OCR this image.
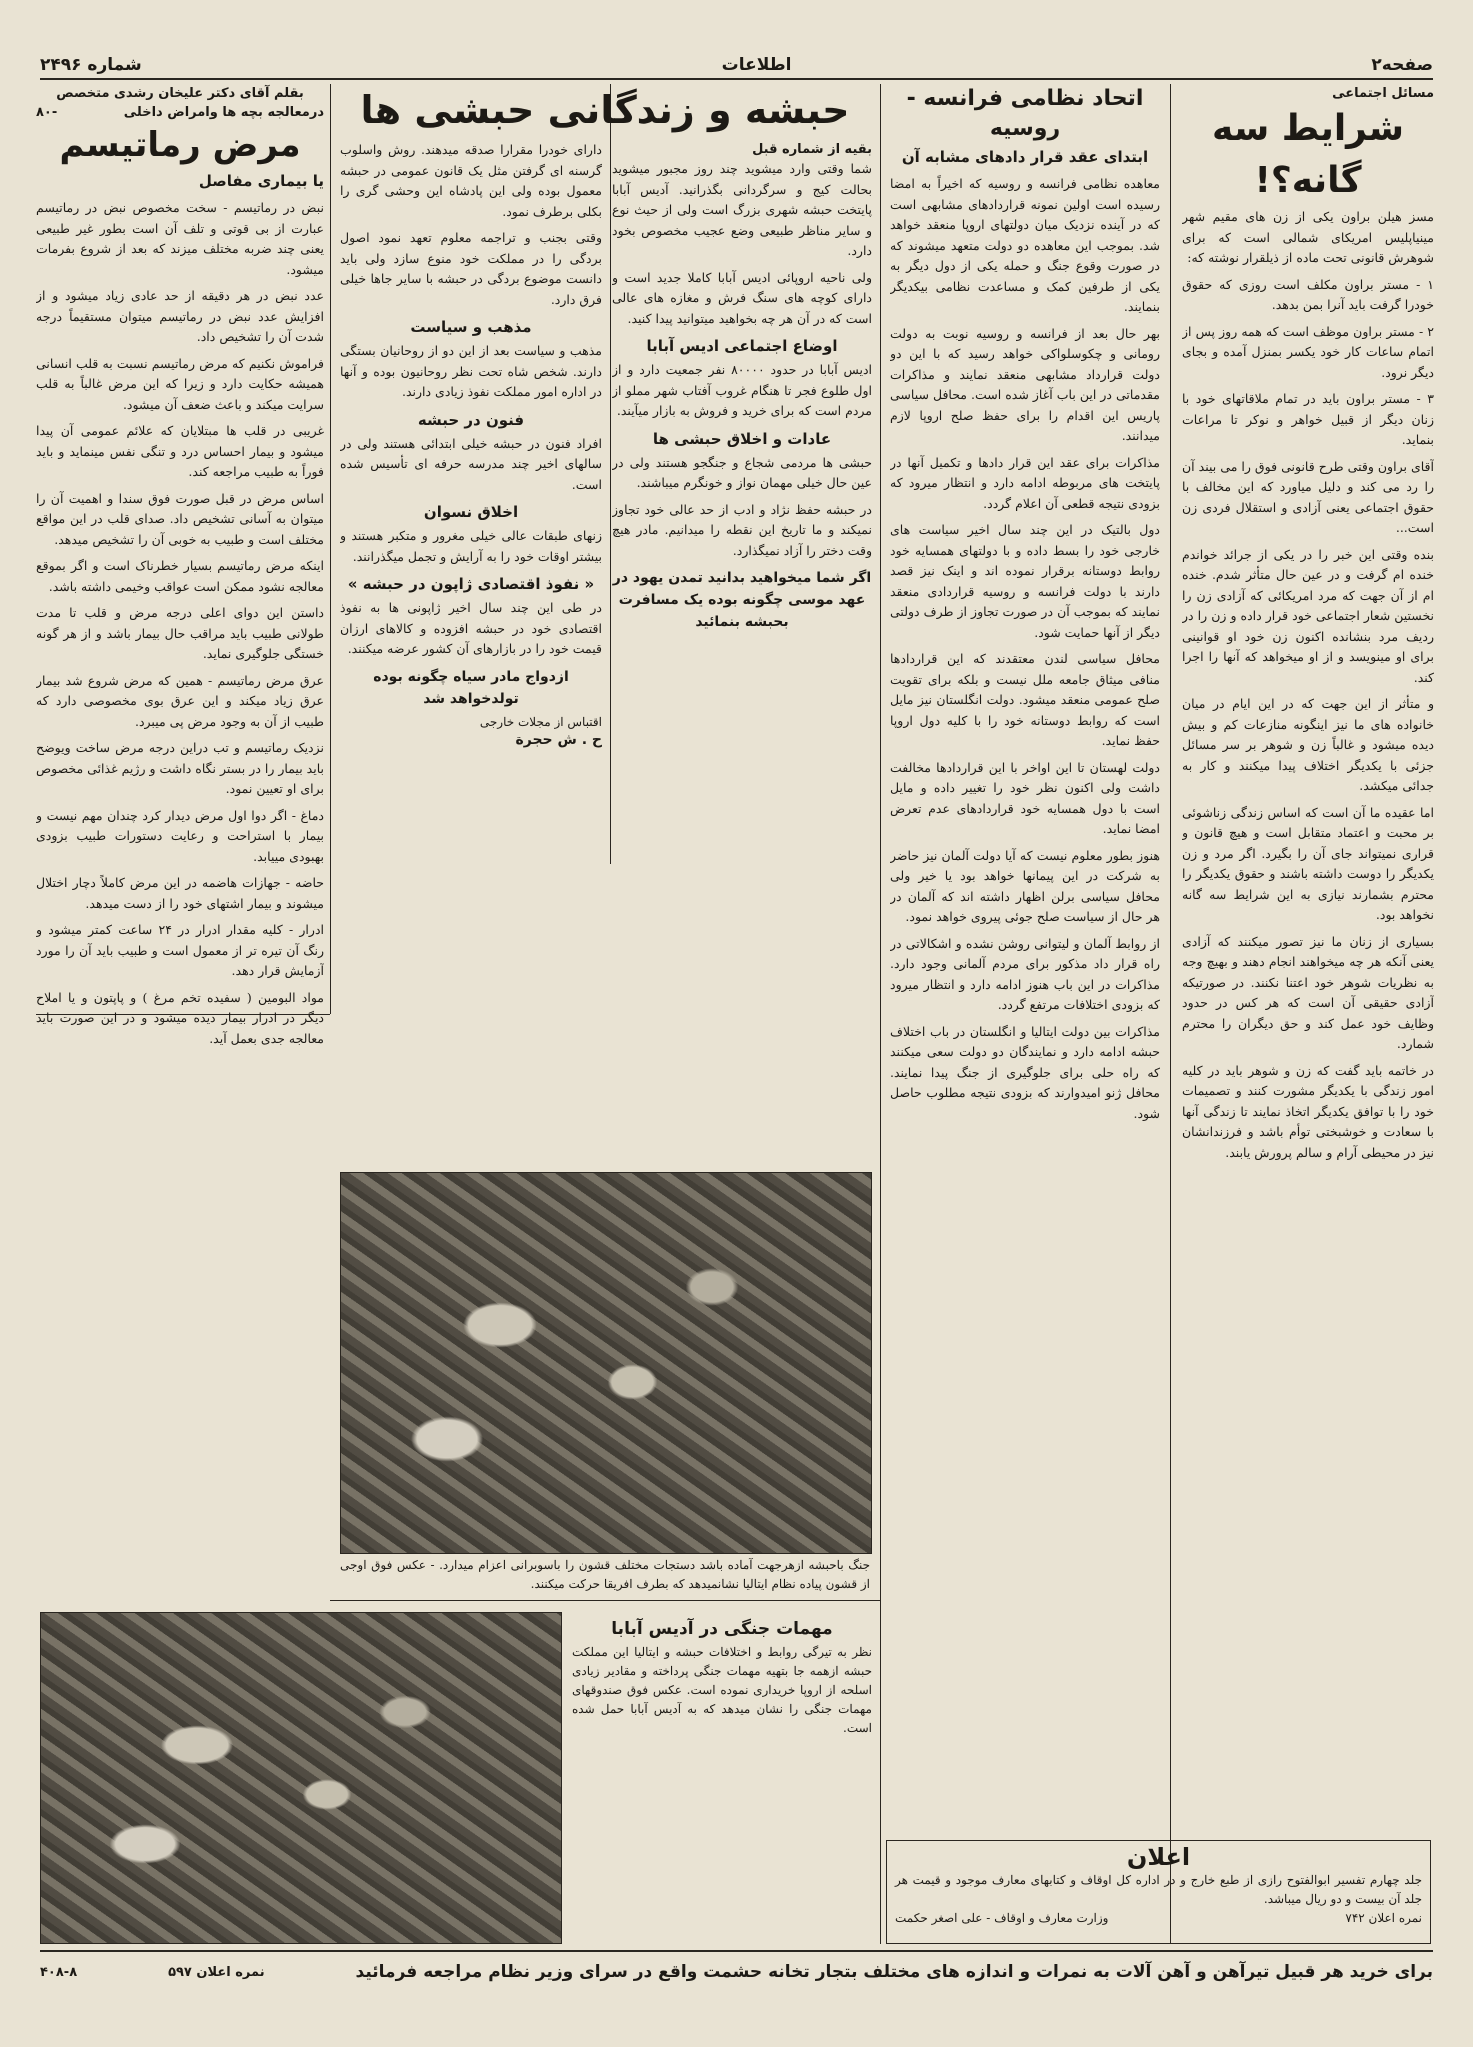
صفحه۲
اطلاعات
شماره ۲۴۹۶
مسائل اجتماعی
شرایط سه گانه؟!

مسز هیلن براون یکی از زن های مقیم شهر مینیاپلیس امریکای شمالی است که برای شوهرش قانونی تحت ماده از ذیلقرار نوشته که:

۱ - مستر براون مکلف است روزی که حقوق خودرا گرفت باید آنرا بمن بدهد.

۲ - مستر براون موظف است که همه روز پس از اتمام ساعات کار خود یکسر بمنزل آمده و بجای دیگر نرود.

۳ - مستر براون باید در تمام ملاقاتهای خود با زنان دیگر از قبیل خواهر و نوکر تا مراعات بنماید.

آقای براون وقتی طرح قانونی فوق را می بیند آن را رد می کند و دلیل میاورد که این مخالف با حقوق اجتماعی یعنی آزادی و استقلال فردی زن است...

بنده وقتی این خبر را در یکی از جرائد خواندم خنده ام گرفت و در عین حال متأثر شدم. خنده ام از آن جهت که مرد امریکائی که آزادی زن را نخستین شعار اجتماعی خود قرار داده و زن را در ردیف مرد بنشانده اکنون زن خود او قوانینی برای او مینویسد و از او میخواهد که آنها را اجرا کند.

و متأثر از این جهت که در این ایام در میان خانواده های ما نیز اینگونه منازعات کم و بیش دیده میشود و غالباً زن و شوهر بر سر مسائل جزئی با یکدیگر اختلاف پیدا میکنند و کار به جدائی میکشد.

اما عقیده ما آن است که اساس زندگی زناشوئی بر محبت و اعتماد متقابل است و هیچ قانون و قراری نمیتواند جای آن را بگیرد. اگر مرد و زن یکدیگر را دوست داشته باشند و حقوق یکدیگر را محترم بشمارند نیازی به این شرایط سه گانه نخواهد بود.

بسیاری از زنان ما نیز تصور میکنند که آزادی یعنی آنکه هر چه میخواهند انجام دهند و بهیچ وجه به نظریات شوهر خود اعتنا نکنند. در صورتیکه آزادی حقیقی آن است که هر کس در حدود وظایف خود عمل کند و حق دیگران را محترم شمارد.

در خاتمه باید گفت که زن و شوهر باید در کلیه امور زندگی با یکدیگر مشورت کنند و تصمیمات خود را با توافق یکدیگر اتخاذ نمایند تا زندگی آنها با سعادت و خوشبختی توأم باشد و فرزندانشان نیز در محیطی آرام و سالم پرورش یابند.

اتحاد نظامی فرانسه - روسیه
ابتدای عقد قرار دادهای مشابه آن

معاهده نظامی فرانسه و روسیه که اخیراً به امضا رسیده است اولین نمونه قراردادهای مشابهی است که در آینده نزدیک میان دولتهای اروپا منعقد خواهد شد. بموجب این معاهده دو دولت متعهد میشوند که در صورت وقوع جنگ و حمله یکی از دول دیگر به یکی از طرفین کمک و مساعدت نظامی بیکدیگر بنمایند.

بهر حال بعد از فرانسه و روسیه نوبت به دولت رومانی و چکوسلواکی خواهد رسید که با این دو دولت قرارداد مشابهی منعقد نمایند و مذاکرات مقدماتی در این باب آغاز شده است. محافل سیاسی پاریس این اقدام را برای حفظ صلح اروپا لازم میدانند.

مذاکرات برای عقد این قرار دادها و تکمیل آنها در پایتخت های مربوطه ادامه دارد و انتظار میرود که بزودی نتیجه قطعی آن اعلام گردد.

دول بالتیک در این چند سال اخیر سیاست های خارجی خود را بسط داده و با دولتهای همسایه خود روابط دوستانه برقرار نموده اند و اینک نیز قصد دارند با دولت فرانسه و روسیه قراردادی منعقد نمایند که بموجب آن در صورت تجاوز از طرف دولتی دیگر از آنها حمایت شود.

محافل سیاسی لندن معتقدند که این قراردادها منافی میثاق جامعه ملل نیست و بلکه برای تقویت صلح عمومی منعقد میشود. دولت انگلستان نیز مایل است که روابط دوستانه خود را با کلیه دول اروپا حفظ نماید.

دولت لهستان تا این اواخر با این قراردادها مخالفت داشت ولی اکنون نظر خود را تغییر داده و مایل است با دول همسایه خود قراردادهای عدم تعرض امضا نماید.

هنوز بطور معلوم نیست که آیا دولت آلمان نیز حاضر به شرکت در این پیمانها خواهد بود یا خیر ولی محافل سیاسی برلن اظهار داشته اند که آلمان در هر حال از سیاست صلح جوئی پیروی خواهد نمود.

از روابط آلمان و لیتوانی روشن نشده و اشکالاتی در راه قرار داد مذکور برای مردم آلمانی وجود دارد. مذاکرات در این باب هنوز ادامه دارد و انتظار میرود که بزودی اختلافات مرتفع گردد.

مذاکرات بین دولت ایتالیا و انگلستان در باب اختلاف حبشه ادامه دارد و نمایندگان دو دولت سعی میکنند که راه حلی برای جلوگیری از جنگ پیدا نمایند. محافل ژنو امیدوارند که بزودی نتیجه مطلوب حاصل شود.

اعلان
جلد چهارم تفسیر ابوالفتوح رازی از طبع خارج و در اداره کل اوقاف و کتابهای معارف موجود و قیمت هر جلد آن بیست و دو ریال میباشد.
نمره اعلان ۷۴۲
وزارت معارف و اوقاف - علی اصغر حکمت
حبشه و زندگانی حبشی ها
بقیه از شماره قبل

شما وقتی وارد میشوید چند روز مجبور میشوید بحالت کیج و سرگردانی بگذرانید. آدیس آبابا پایتخت حبشه شهری بزرگ است ولی از حیث نوع و سایر مناظر طبیعی وضع عجیب مخصوص بخود دارد.

ولی ناحیه اروپائی ادیس آبابا کاملا جدید است و دارای کوچه های سنگ فرش و مغازه های عالی است که در آن هر چه بخواهید میتوانید پیدا کنید.

اوضاع اجتماعی ادیس آبابا

ادیس آبابا در حدود ۸۰۰۰۰ نفر جمعیت دارد و از اول طلوع فجر تا هنگام غروب آفتاب شهر مملو از مردم است که برای خرید و فروش به بازار میآیند.

عادات و اخلاق حبشی ها

حبشی ها مردمی شجاع و جنگجو هستند ولی در عین حال خیلی مهمان نواز و خونگرم میباشند.

در حبشه حفظ نژاد و ادب از حد عالی خود تجاوز نمیکند و ما تاریخ این نقطه را میدانیم. مادر هیچ وقت دختر را آزاد نمیگذارد.

اگر شما میخواهید بدانید تمدن یهود در عهد موسی چگونه بوده یک مسافرت بحبشه بنمائید

دارای خودرا مقرارا صدقه میدهند. روش واسلوب گرسنه ای گرفتن مثل یک قانون عمومی در حبشه معمول بوده ولی این پادشاه این وحشی گری را بکلی برطرف نمود.

وقتی بجنب و تراجمه معلوم تعهد نمود اصول بردگی را در مملکت خود منوع سازد ولی باید دانست موضوع بردگی در حبشه با سایر جاها خیلی فرق دارد.

مذهب و سیاست

مذهب و سیاست بعد از این دو از روحانیان بستگی دارند. شخص شاه تحت نظر روحانیون بوده و آنها در اداره امور مملکت نفوذ زیادی دارند.

فنون در حبشه

افراد فنون در حبشه خیلی ابتدائی هستند ولی در سالهای اخیر چند مدرسه حرفه ای تأسیس شده است.

اخلاق نسوان

زنهای طبقات عالی خیلی مغرور و متکبر هستند و بیشتر اوقات خود را به آرایش و تجمل میگذرانند.

« نفوذ اقتصادی ژاپون در حبشه »

در طی این چند سال اخیر ژاپونی ها به نفوذ اقتصادی خود در حبشه افزوده و کالاهای ارزان قیمت خود را در بازارهای آن کشور عرضه میکنند.

ازدواج مادر سیاه چگونه بوده تولدخواهد شد
اقتباس از مجلات خارجی
ح . ش حجرة
جنگ باحبشه ازهرجهت آماده باشد دستجات مختلف قشون را باسوبرانی اعزام میدارد. - عکس فوق اوجی از قشون پیاده نظام ایتالیا نشانمیدهد که بطرف افریقا حرکت میکنند.
بقلم آقای دکتر علیخان رشدی متخصص
درمعالجه بچه ها وامراض داخلی
-۸۰
مرض رماتیسم
یا بیماری مفاصل

نبض در رماتیسم - سخت مخصوص نبض در رماتیسم عبارت از بی قوتی و تلف آن است بطور غیر طبیعی یعنی چند ضربه مختلف میزند که بعد از شروع بفرمات میشود.

عدد نبض در هر دقیقه از حد عادی زیاد میشود و از افزایش عدد نبض در رماتیسم میتوان مستقیماً درجه شدت آن را تشخیص داد.

فراموش نکنیم که مرض رماتیسم نسبت به قلب انسانی همیشه حکایت دارد و زیرا که این مرض غالباً به قلب سرایت میکند و باعث ضعف آن میشود.

غریبی در قلب ها مبتلایان که علائم عمومی آن پیدا میشود و بیمار احساس درد و تنگی نفس مینماید و باید فوراً به طبیب مراجعه کند.

اساس مرض در قبل صورت فوق سندا و اهمیت آن را میتوان به آسانی تشخیص داد. صدای قلب در این مواقع مختلف است و طبیب به خوبی آن را تشخیص میدهد.

اینکه مرض رماتیسم بسیار خطرناک است و اگر بموقع معالجه نشود ممکن است عواقب وخیمی داشته باشد.

داستن این دوای اعلی درجه مرض و قلب تا مدت طولانی طبیب باید مراقب حال بیمار باشد و از هر گونه خستگی جلوگیری نماید.

عرق مرض رماتیسم - همین که مرض شروع شد بیمار عرق زیاد میکند و این عرق بوی مخصوصی دارد که طبیب از آن به وجود مرض پی میبرد.

نزدیک رماتیسم و تب دراین درجه مرض ساخت ویوضح باید بیمار را در بستر نگاه داشت و رژیم غذائی مخصوص برای او تعیین نمود.

دماغ - اگر دوا اول مرض دیدار کرد چندان مهم نیست و بیمار با استراحت و رعایت دستورات طبیب بزودی بهبودی مییابد.

حاضه - جهازات هاضمه در این مرض کاملاً دچار اختلال میشوند و بیمار اشتهای خود را از دست میدهد.

ادرار - کلیه مقدار ادرار در ۲۴ ساعت کمتر میشود و رنگ آن تیره تر از معمول است و طبیب باید آن را مورد آزمایش قرار دهد.

مواد البومین ( سفیده تخم مرغ ) و پاپتون و یا املاح دیگر در ادرار بیمار دیده میشود و در این صورت باید معالجه جدی بعمل آید.

مهمات جنگی در آدیس آبابا
نظر به تیرگی روابط و اختلافات حبشه و ایتالیا این مملکت حبشه ازهمه جا بتهیه مهمات جنگی پرداخته و مقادیر زیادی اسلحه از اروپا خریداری نموده است. عکس فوق صندوقهای مهمات جنگی را نشان میدهد که به آدیس آبابا حمل شده است.
برای خرید هر قبیل تیرآهن و آهن آلات به نمرات و اندازه های مختلف بتجار تخانه حشمت واقع در سرای وزیر نظام مراجعه فرمائید
نمره اعلان ۵۹۷
۴۰۸-۸
